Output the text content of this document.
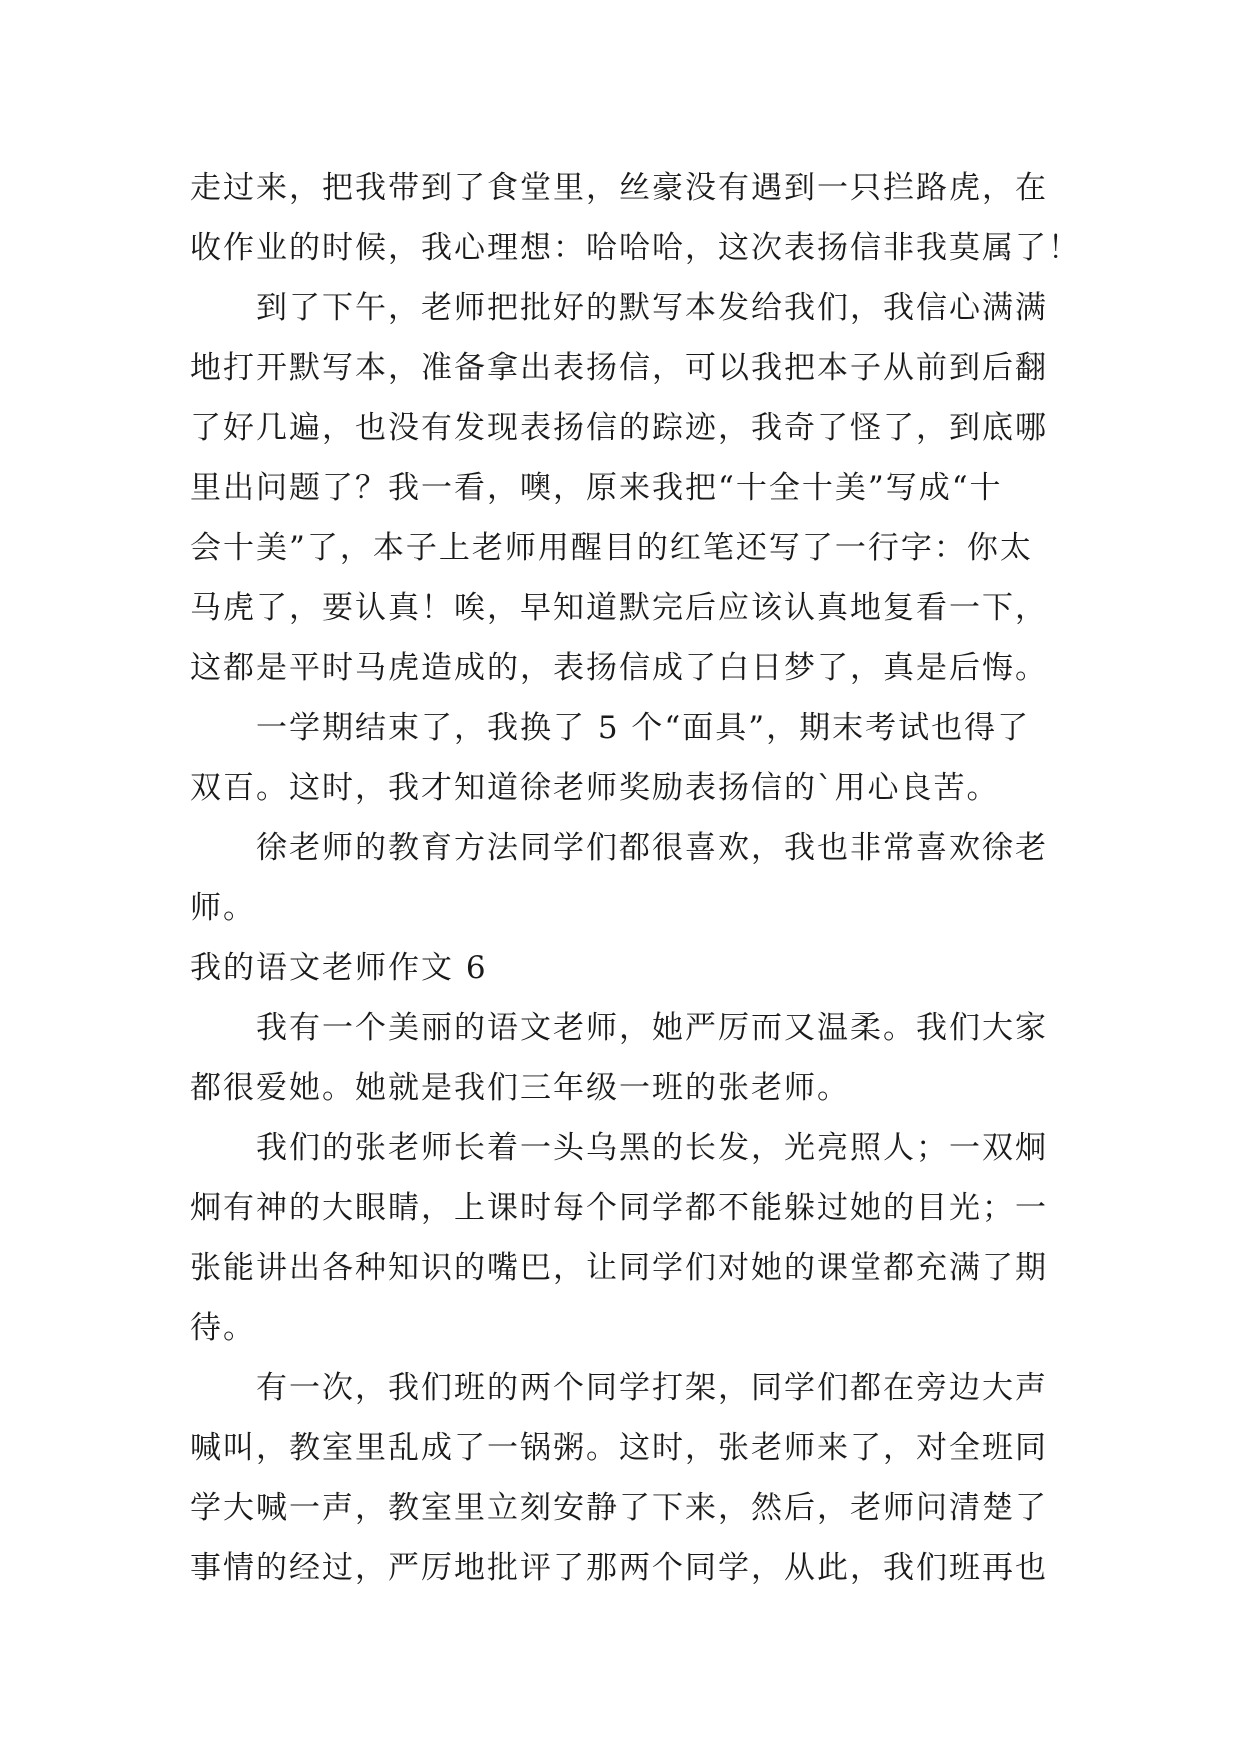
走过来，把我带到了食堂里，丝豪没有遇到一只拦路虎，在
收作业的时候，我心理想：哈哈哈，这次表扬信非我莫属了！
　　到了下午，老师把批好的默写本发给我们，我信心满满
地打开默写本，准备拿出表扬信，可以我把本子从前到后翻
了好几遍，也没有发现表扬信的踪迹，我奇了怪了，到底哪
里出问题了？我一看，噢，原来我把“十全十美”写成“十
会十美”了，本子上老师用醒目的红笔还写了一行字：你太
马虎了，要认真！唉，早知道默完后应该认真地复看一下，
这都是平时马虎造成的，表扬信成了白日梦了，真是后悔。
　　一学期结束了，我换了 5 个“面具”，期末考试也得了
双百。这时，我才知道徐老师奖励表扬信的`用心良苦。
　　徐老师的教育方法同学们都很喜欢，我也非常喜欢徐老
师。
我的语文老师作文 6
　　我有一个美丽的语文老师，她严厉而又温柔。我们大家
都很爱她。她就是我们三年级一班的张老师。
　　我们的张老师长着一头乌黑的长发，光亮照人；一双炯
炯有神的大眼睛，上课时每个同学都不能躲过她的目光；一
张能讲出各种知识的嘴巴，让同学们对她的课堂都充满了期
待。
　　有一次，我们班的两个同学打架，同学们都在旁边大声
喊叫，教室里乱成了一锅粥。这时，张老师来了，对全班同
学大喊一声，教室里立刻安静了下来，然后，老师问清楚了
事情的经过，严厉地批评了那两个同学，从此，我们班再也
